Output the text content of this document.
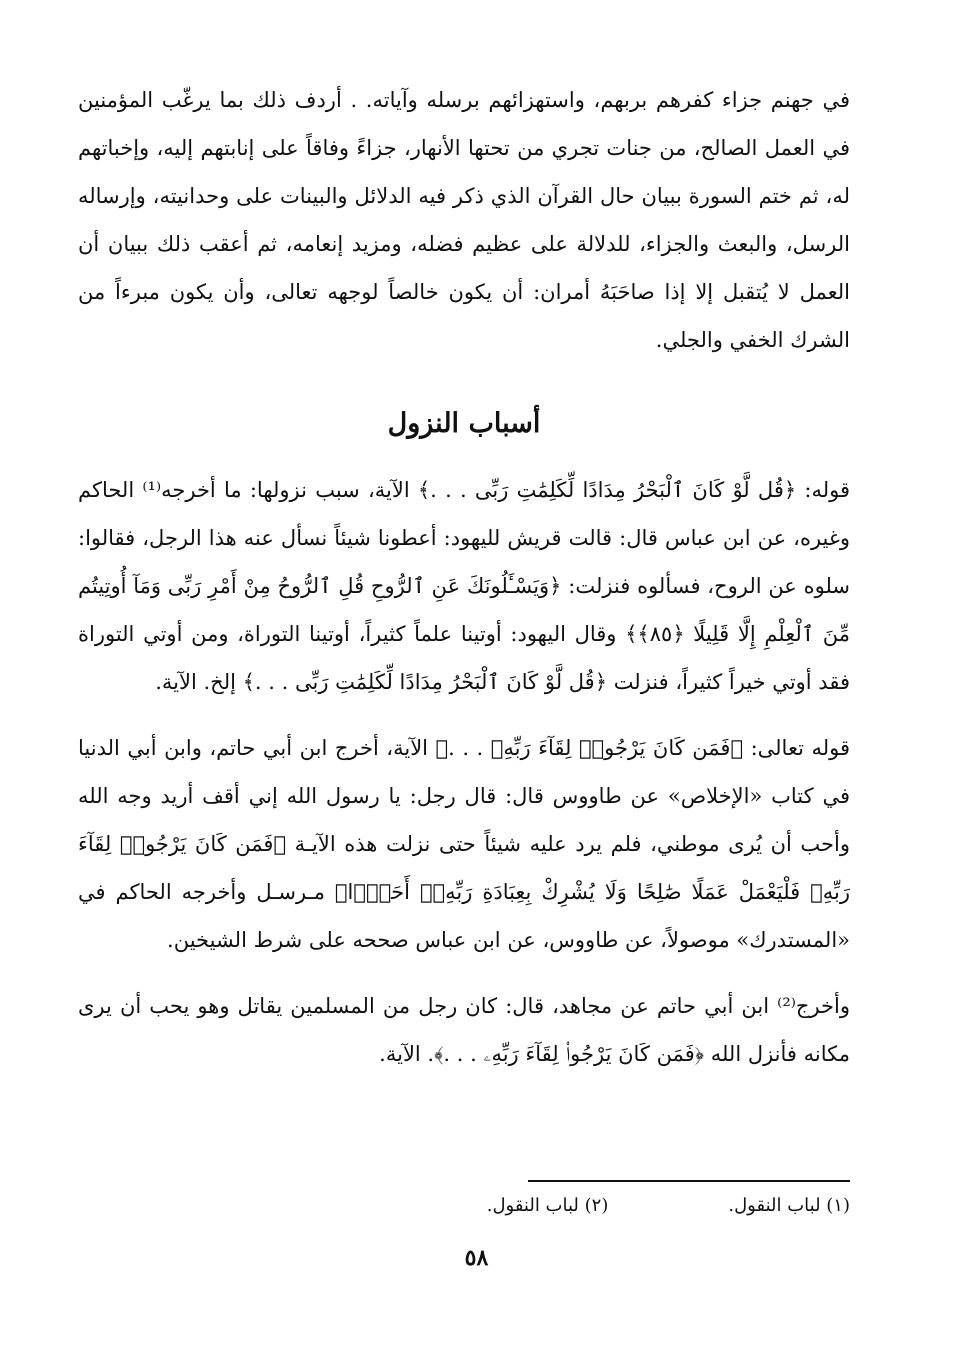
في جهنم جزاء كفرهم بربهم، واستهزائهم برسله وآياته. . أردف ذلك بما يرغّب المؤمنين في العمل الصالح، من جنات تجري من تحتها الأنهار، جزاءً وفاقاً على إنابتهم إليه، وإخباتهم له، ثم ختم السورة ببيان حال القرآن الذي ذكر فيه الدلائل والبينات على وحدانيته، وإرساله الرسل، والبعث والجزاء، للدلالة على عظيم فضله، ومزيد إنعامه، ثم أعقب ذلك ببيان أن العمل لا يُتقبل إلا إذا صاحَبَهُ أمران: أن يكون خالصاً لوجهه تعالى، وأن يكون مبرءاً من الشرك الخفي والجلي.

أسباب النزول

قوله: ﴿قُل لَّوْ كَانَ ٱلْبَحْرُ مِدَادًا لِّكَلِمَٰتِ رَبِّى . . .﴾ الآية، سبب نزولها: ما أخرجه⁽¹⁾ الحاكم وغيره، عن ابن عباس قال: قالت قريش لليهود: أعطونا شيئاً نسأل عنه هذا الرجل، فقالوا: سلوه عن الروح، فسألوه فنزلت: ﴿وَيَسْـَٔلُونَكَ عَنِ ٱلرُّوحِ قُلِ ٱلرُّوحُ مِنْ أَمْرِ رَبِّى وَمَآ أُوتِيتُم مِّنَ ٱلْعِلْمِ إِلَّا قَلِيلًا ﴿٨٥﴾﴾ وقال اليهود: أوتينا علماً كثيراً، أوتينا التوراة، ومن أوتي التوراة فقد أوتي خيراً كثيراً، فنزلت ﴿قُل لَّوْ كَانَ ٱلْبَحْرُ مِدَادًا لِّكَلِمَٰتِ رَبِّى . . .﴾ إلخ. الآية.

قوله تعالى: ﴿فَمَن كَانَ يَرْجُوا۟ لِقَآءَ رَبِّهِۦ . . .﴾ الآية، أخرج ابن أبي حاتم، وابن أبي الدنيا في كتاب «الإخلاص» عن طاووس قال: قال رجل: يا رسول الله إني أقف أريد وجه الله وأحب أن يُرى موطني، فلم يرد عليه شيئاً حتى نزلت هذه الآيـة ﴿فَمَن كَانَ يَرْجُوا۟ لِقَآءَ رَبِّهِۦ فَلْيَعْمَلْ عَمَلًا صَٰلِحًا وَلَا يُشْرِكْ بِعِبَادَةِ رَبِّهِۦٓ أَحَدًۢا﴾ مـرسـل وأخرجه الحاكم في «المستدرك» موصولاً، عن طاووس، عن ابن عباس صححه على شرط الشيخين.

وأخرج⁽²⁾ ابن أبي حاتم عن مجاهد، قال: كان رجل من المسلمين يقاتل وهو يحب أن يرى مكانه فأنزل الله ﴿فَمَن كَانَ يَرْجُوا۟ لِقَآءَ رَبِّهِۦ . . .﴾. الآية.

(١) لباب النقول.
(٢) لباب النقول.
٥٨
